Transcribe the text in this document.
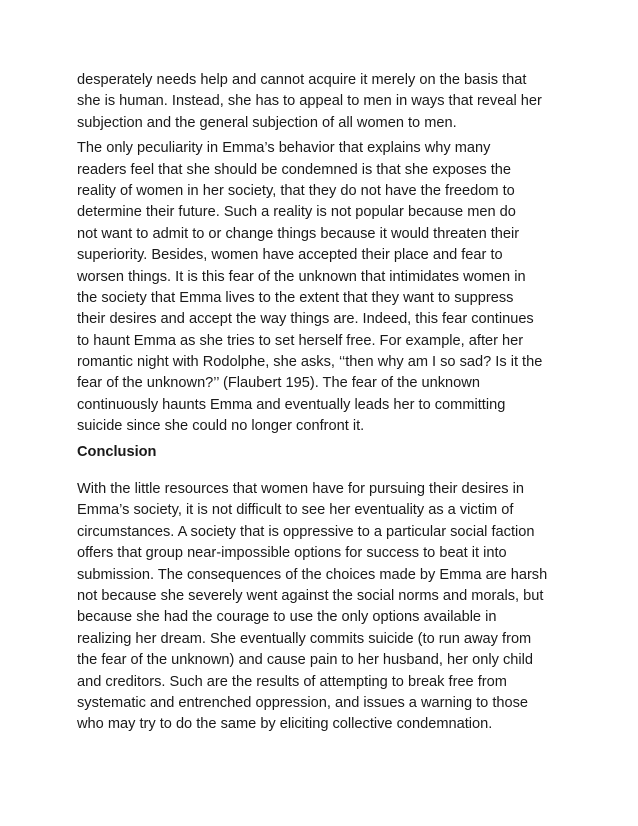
desperately needs help and cannot acquire it merely on the basis that
she is human. Instead, she has to appeal to men in ways that reveal her
subjection and the general subjection of all women to men.
The only peculiarity in Emma’s behavior that explains why many
readers feel that she should be condemned is that she exposes the
reality of women in her society, that they do not have the freedom to
determine their future. Such a reality is not popular because men do
not want to admit to or change things because it would threaten their
superiority. Besides, women have accepted their place and fear to
worsen things. It is this fear of the unknown that intimidates women in
the society that Emma lives to the extent that they want to suppress
their desires and accept the way things are. Indeed, this fear continues
to haunt Emma as she tries to set herself free. For example, after her
romantic night with Rodolphe, she asks, ‘‘then why am I so sad? Is it the
fear of the unknown?’’ (Flaubert 195). The fear of the unknown
continuously haunts Emma and eventually leads her to committing
suicide since she could no longer confront it.
Conclusion
With the little resources that women have for pursuing their desires in
Emma’s society, it is not difficult to see her eventuality as a victim of
circumstances. A society that is oppressive to a particular social faction
offers that group near-impossible options for success to beat it into
submission. The consequences of the choices made by Emma are harsh
not because she severely went against the social norms and morals, but
because she had the courage to use the only options available in
realizing her dream. She eventually commits suicide (to run away from
the fear of the unknown) and cause pain to her husband, her only child
and creditors. Such are the results of attempting to break free from
systematic and entrenched oppression, and issues a warning to those
who may try to do the same by eliciting collective condemnation.
